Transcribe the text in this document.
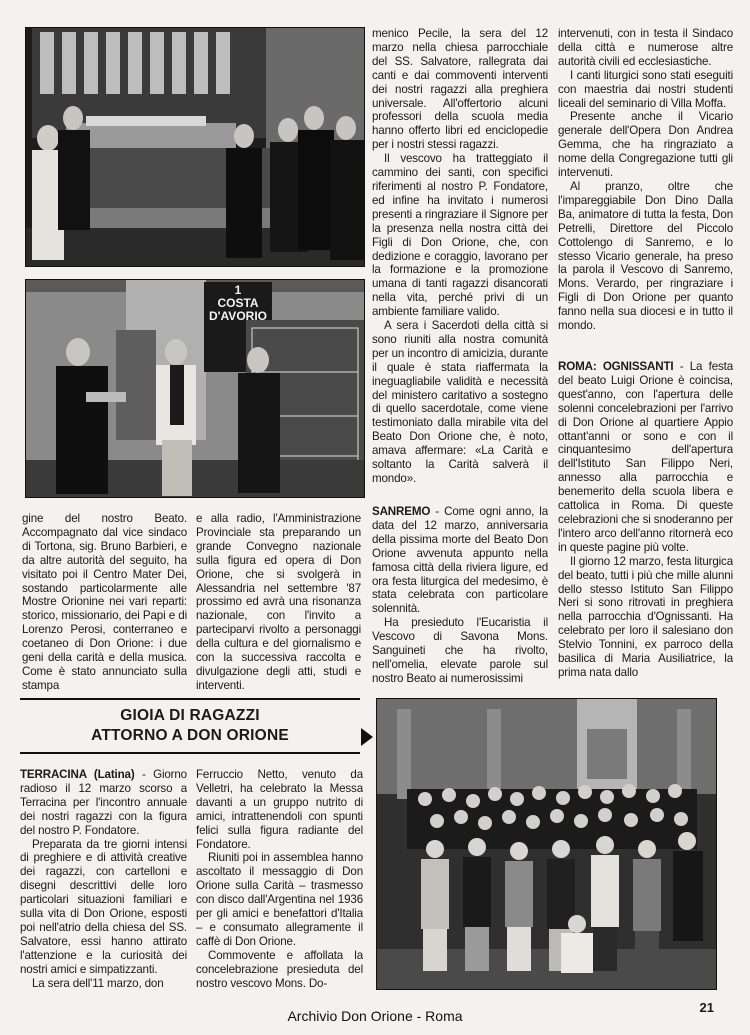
1
COSTA
D'AVORIO

menico Pecile, la sera del 12 marzo nella chiesa parrocchiale del SS. Salvatore, rallegrata dai canti e dai commoventi interventi dei nostri ragazzi alla preghiera universale. All'offertorio alcuni professori della scuola media hanno offerto libri ed enciclopedie per i nostri stessi ragazzi.

Il vescovo ha tratteggiato il cammino dei santi, con specifici riferimenti al nostro P. Fondatore, ed infine ha invitato i numerosi presenti a ringraziare il Signore per la presenza nella nostra città dei Figli di Don Orione, che, con dedizione e coraggio, lavorano per la formazione e la promozione umana di tanti ragazzi disancorati nella vita, perché privi di un ambiente familiare valido.

A sera i Sacerdoti della città si sono riuniti alla nostra comunità per un incontro di amicizia, durante il quale è stata riaffermata la ineguagliabile validità e necessità del ministero caritativo a sostegno di quello sacerdotale, come viene testimoniato dalla mirabile vita del Beato Don Orione che, è noto, amava affermare: «La Carità e soltanto la Carità salverà il mondo».

intervenuti, con in testa il Sindaco della città e numerose altre autorità civili ed ecclesiastiche.

I canti liturgici sono stati eseguiti con maestria dai nostri studenti liceali del seminario di Villa Moffa.

Presente anche il Vicario generale dell'Opera Don Andrea Gemma, che ha ringraziato a nome della Congregazione tutti gli intervenuti.

Al pranzo, oltre che l'impareggiabile Don Dino Dalla Ba, animatore di tutta la festa, Don Petrelli, Direttore del Piccolo Cottolengo di Sanremo, e lo stesso Vicario generale, ha preso la parola il Vescovo di Sanremo, Mons. Verardo, per ringraziare i Figli di Don Orione per quanto fanno nella sua diocesi e in tutto il mondo.

ROMA: OGNISSANTI - La festa del beato Luigi Orione è coincisa, quest'anno, con l'apertura delle solenni concelebrazioni per l'arrivo di Don Orione al quartiere Appio ottant'anni or sono e con il cinquantesimo dell'apertura dell'Istituto San Filippo Neri, annesso alla parrocchia e benemerito della scuola libera e cattolica in Roma. Di queste celebrazioni che si snoderanno per l'intero arco dell'anno ritornerà eco in queste pagine più volte.

Il giorno 12 marzo, festa liturgica del beato, tutti i più che mille alunni dello stesso Istituto San Filippo Neri si sono ritrovati in preghiera nella parrocchia d'Ognissanti. Ha celebrato per loro il salesiano don Stelvio Tonnini, ex parroco della basilica di Maria Ausiliatrice, la prima nata dallo

SANREMO - Come ogni anno, la data del 12 marzo, anniversaria della pissima morte del Beato Don Orione avvenuta appunto nella famosa città della riviera ligure, ed ora festa liturgica del medesimo, è stata celebrata con particolare solennità.

Ha presieduto l'Eucaristia il Vescovo di Savona Mons. Sanguineti che ha rivolto, nell'omelia, elevate parole sul nostro Beato ai numerosissimi

gine del nostro Beato. Accompagnato dal vice sindaco di Tortona, sig. Bruno Barbieri, e da altre autorità del seguito, ha visitato poi il Centro Mater Dei, sostando particolarmente alle Mostre Orionine nei vari reparti: storico, missionario, dei Papi e di Lorenzo Perosi, conterraneo e coetaneo di Don Orione: i due geni della carità e della musica. Come è stato annunciato sulla stampa

e alla radio, l'Amministrazione Provinciale sta preparando un grande Convegno nazionale sulla figura ed opera di Don Orione, che si svolgerà in Alessandria nel settembre '87 prossimo ed avrà una risonanza nazionale, con l'invito a parteciparvi rivolto a personaggi della cultura e del giornalismo e con la successiva raccolta e divulgazione degli atti, studi e interventi.

GIOIA DI RAGAZZI
ATTORNO A DON ORIONE

TERRACINA (Latina) - Giorno radioso il 12 marzo scorso a Terracina per l'incontro annuale dei nostri ragazzi con la figura del nostro P. Fondatore.

Preparata da tre giorni intensi di preghiere e di attività creative dei ragazzi, con cartelloni e disegni descrittivi delle loro particolari situazioni familiari e sulla vita di Don Orione, esposti poi nell'atrio della chiesa del SS. Salvatore, essi hanno attirato l'attenzione e la curiosità dei nostri amici e simpatizzanti.

La sera dell'11 marzo, don

Ferruccio Netto, venuto da Velletri, ha celebrato la Messa davanti a un gruppo nutrito di amici, intrattenendoli con spunti felici sulla figura radiante del Fondatore.

Riuniti poi in assemblea hanno ascoltato il messaggio di Don Orione sulla Carità – trasmesso con disco dall'Argentina nel 1936 per gli amici e benefattori d'Italia – e consumato allegramente il caffè di Don Orione.

Commovente e affollata la concelebrazione presieduta del nostro vescovo Mons. Do-

21
Archivio Don Orione - Roma
